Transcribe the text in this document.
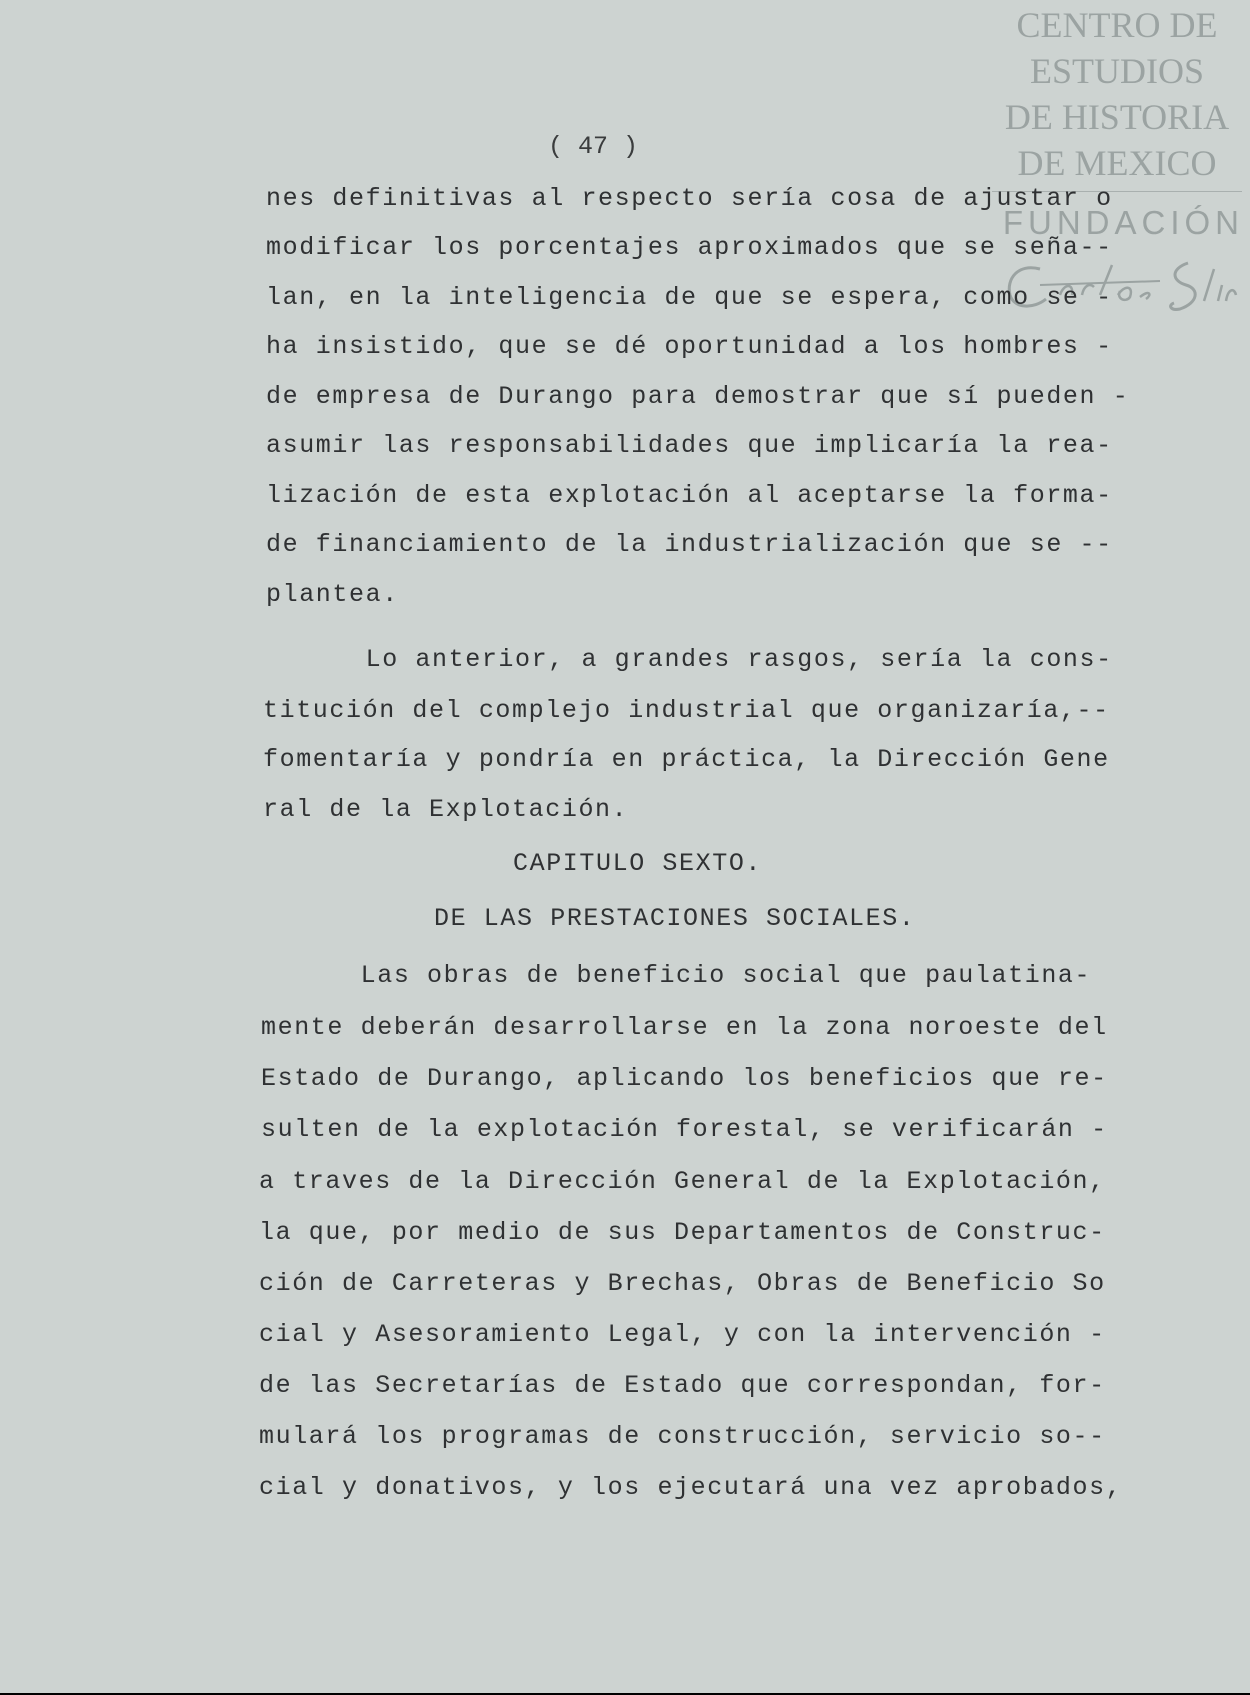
CENTRO DE
ESTUDIOS
DE HISTORIA
DE MEXICO
FUNDACIÓN
( 47 )
nes definitivas al respecto sería cosa de ajustar o
modificar los porcentajes aproximados que se seña--
lan, en la inteligencia de que se espera, como se -
ha insistido, que se dé oportunidad a los hombres -
de empresa de Durango para demostrar que sí pueden -
asumir las responsabilidades que implicaría la rea-
lización de esta explotación al aceptarse la forma-
de financiamiento de la industrialización que se --
plantea.
Lo anterior, a grandes rasgos, sería la cons-
titución del complejo industrial que organizaría,--
fomentaría y pondría en práctica, la Dirección Gene
ral de la Explotación.
CAPITULO SEXTO.
DE LAS PRESTACIONES SOCIALES.
Las obras de beneficio social que paulatina-
mente deberán desarrollarse en la zona noroeste del
Estado de Durango, aplicando los beneficios que re-
sulten de la explotación forestal, se verificarán -
a traves de la Dirección General de la Explotación,
la que, por medio de sus Departamentos de Construc-
ción de Carreteras y Brechas, Obras de Beneficio So
cial y Asesoramiento Legal, y con la intervención -
de las Secretarías de Estado que correspondan, for-
mulará los programas de construcción, servicio so--
cial y donativos, y los ejecutará una vez aprobados,
